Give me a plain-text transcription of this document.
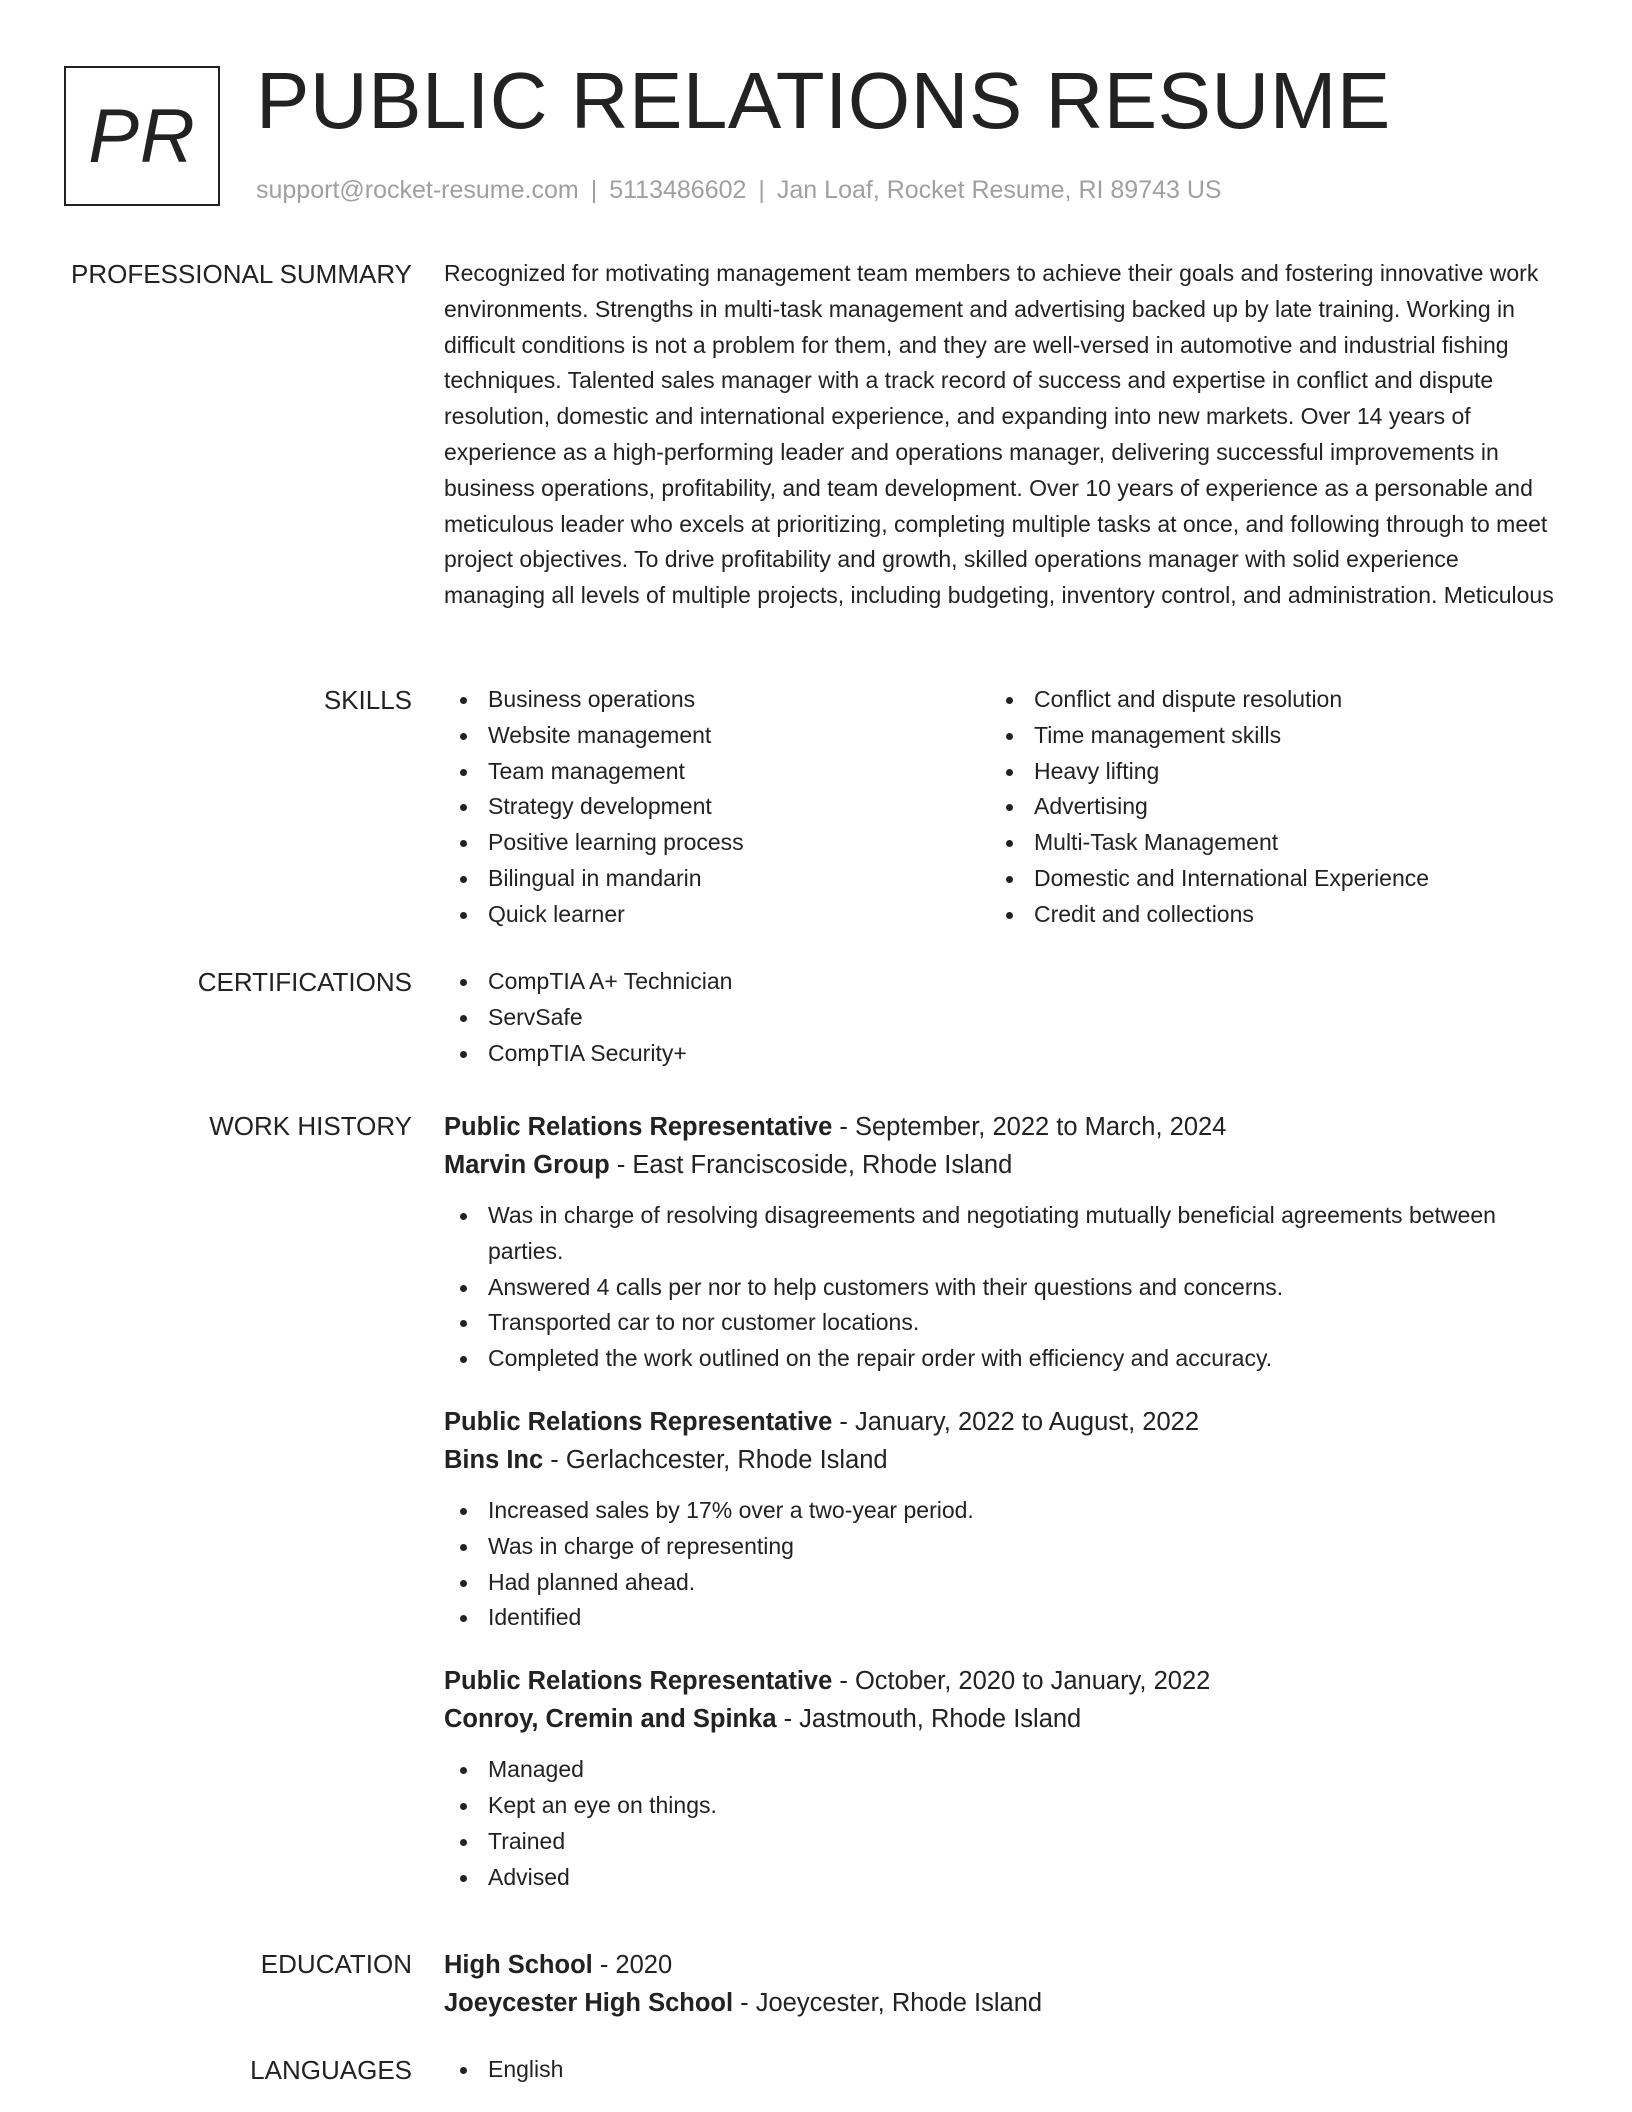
PR PUBLIC RELATIONS RESUME
support@rocket-resume.com | 5113486602 | Jan Loaf, Rocket Resume, RI 89743 US
PROFESSIONAL SUMMARY Recognized for motivating management team members to achieve their goals and fostering innovative work environments. Strengths in multi-task management and advertising backed up by late training. Working in difficult conditions is not a problem for them, and they are well-versed in automotive and industrial fishing techniques. Talented sales manager with a track record of success and expertise in conflict and dispute resolution, domestic and international experience, and expanding into new markets. Over 14 years of experience as a high-performing leader and operations manager, delivering successful improvements in business operations, profitability, and team development. Over 10 years of experience as a personable and meticulous leader who excels at prioritizing, completing multiple tasks at once, and following through to meet project objectives. To drive profitability and growth, skilled operations manager with solid experience managing all levels of multiple projects, including budgeting, inventory control, and administration. Meticulous

SKILLS	Business operations
Website management
Team management
Strategy development
Positive learning process
Bilingual in mandarin
Quick learner
Conflict and dispute resolution
Time management skills
Heavy lifting
Advertising
Multi-Task Management
Domestic and International Experience
Credit and collections
CERTIFICATIONS	CompTIA A+ Technician
ServSafe
CompTIA Security+
WORK HISTORY Public Relations Representative - September, 2022 to March, 2024
Marvin Group - East Franciscoside, Rhode Island
Was in charge of resolving disagreements and negotiating mutually beneficial agreements between parties.
Answered 4 calls per nor to help customers with their questions and concerns.
Transported car to nor customer locations.
Completed the work outlined on the repair order with efficiency and accuracy.
Public Relations Representative - January, 2022 to August, 2022
Bins Inc - Gerlachcester, Rhode Island
Increased sales by 17% over a two-year period.
Was in charge of representing
Had planned ahead.
Identified
Public Relations Representative - October, 2020 to January, 2022
Conroy, Cremin and Spinka - Jastmouth, Rhode Island
Managed
Kept an eye on things.
Trained
Advised
EDUCATION High School - 2020
Joeycester High School - Joeycester, Rhode Island
LANGUAGES	English
